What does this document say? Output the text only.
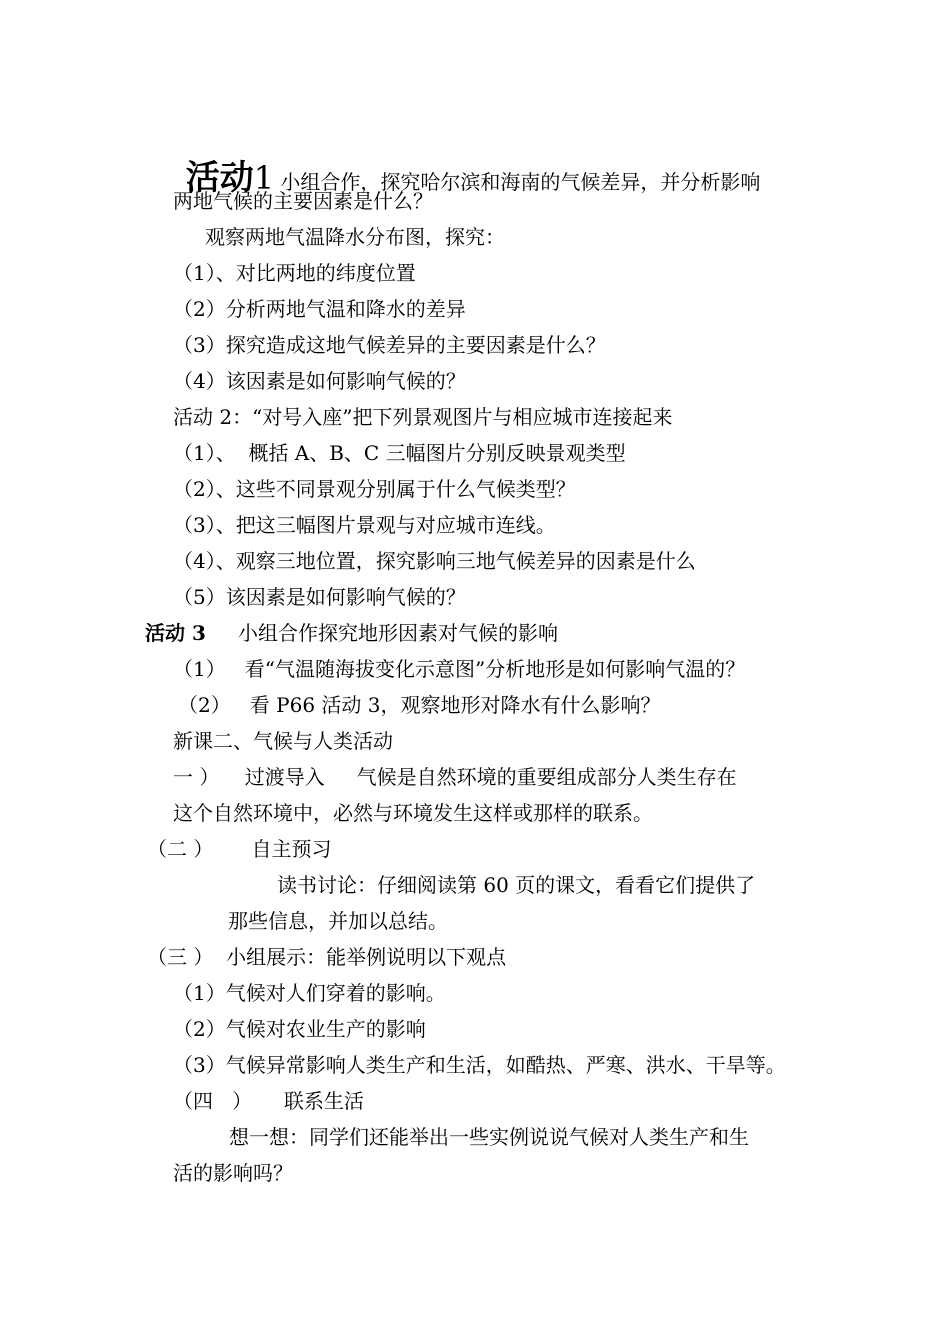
活动1 小组合作，探究哈尔滨和海南的气候差异，并分析影响

两地气候的主要因素是什么？
观察两地气温降水分布图，探究：
（1）、对比两地的纬度位置
（2）分析两地气温和降水的差异
（3）探究造成这地气候差异的主要因素是什么？
（4）该因素是如何影响气候的？
活动 2：“对号入座”把下列景观图片与相应城市连接起来
（1）、  概括 A、B、C 三幅图片分别反映景观类型
（2）、这些不同景观分别属于什么气候类型？
（3）、把这三幅图片景观与对应城市连线。
（4）、观察三地位置，探究影响三地气候差异的因素是什么
（5）该因素是如何影响气候的？
活动 3 小组合作探究地形因素对气候的影响
（1）   看“气温随海拔变化示意图”分析地形是如何影响气温的？
（2）   看 P66 活动 3，观察地形对降水有什么影响？
新课二、气候与人类活动
一 ）    过渡导入     气候是自然环境的重要组成部分人类生存在
这个自然环境中，必然与环境发生这样或那样的联系。
（二 ）      自主预习
读书讨论：仔细阅读第 60 页的课文，看看它们提供了
那些信息，并加以总结。
（三 ）  小组展示：能举例说明以下观点
（1）气候对人们穿着的影响。
（2）气候对农业生产的影响
（3）气候异常影响人类生产和生活，如酷热、严寒、洪水、干旱等。
（四   ）     联系生活
想一想：同学们还能举出一些实例说说气候对人类生产和生
活的影响吗？
